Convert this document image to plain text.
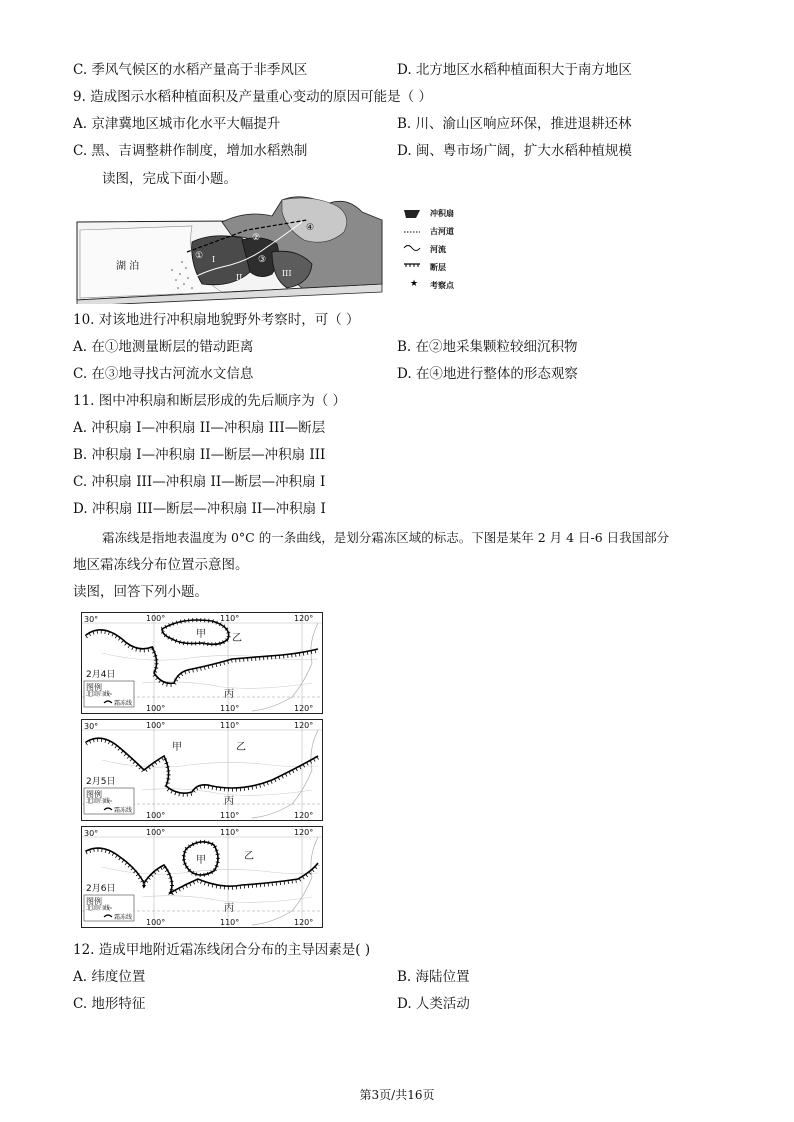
C. 季风气候区的水稻产量高于非季风区	D. 北方地区水稻种植面积大于南方地区
9. 造成图示水稻种植面积及产量重心变动的原因可能是（ ）
A. 京津冀地区城市化水平大幅提升	B. 川、渝山区响应环保，推进退耕还林
C. 黑、吉调整耕作制度，增加水稻熟制	D. 闽、粤市场广阔，扩大水稻种植规模
读图，完成下面小题。
湖 泊
①
②
③
④
I
II	III
★
冲积扇
古河道
河流
断层
考察点
10. 对该地进行冲积扇地貌野外考察时，可（ ）
A. 在①地测量断层的错动距离	B. 在②地采集颗粒较细沉积物
C. 在③地寻找古河流水文信息	D. 在④地进行整体的形态观察
11. 图中冲积扇和断层形成的先后顺序为（ ）
A. 冲积扇 I—冲积扇 II—冲积扇 III—断层
B. 冲积扇 I—冲积扇 II—断层—冲积扇 III
C. 冲积扇 III—冲积扇 II—断层—冲积扇 I
D. 冲积扇 III—断层—冲积扇 II—冲积扇 I
霜冻线是指地表温度为 0°C 的一条曲线，是划分霜冻区域的标志。下图是某年 2 月 4 日-6 日我国部分
地区霜冻线分布位置示意图。
读图，回答下列小题。
30°	100°	110°	120°
100°	110°	120°
2月4日
图例
北回归线
霜冻线
甲	乙
丙
30°	100°	110°	120°
100°	110°	120°
2月5日
图例
北回归线
霜冻线
甲	乙
丙
30°	100°	110°	120°
100°	110°	120°
2月6日
图例
北回归线
霜冻线
甲	乙
丙
12. 造成甲地附近霜冻线闭合分布的主导因素是( )
A. 纬度位置	B. 海陆位置
C. 地形特征	D. 人类活动
第3页/共16页
